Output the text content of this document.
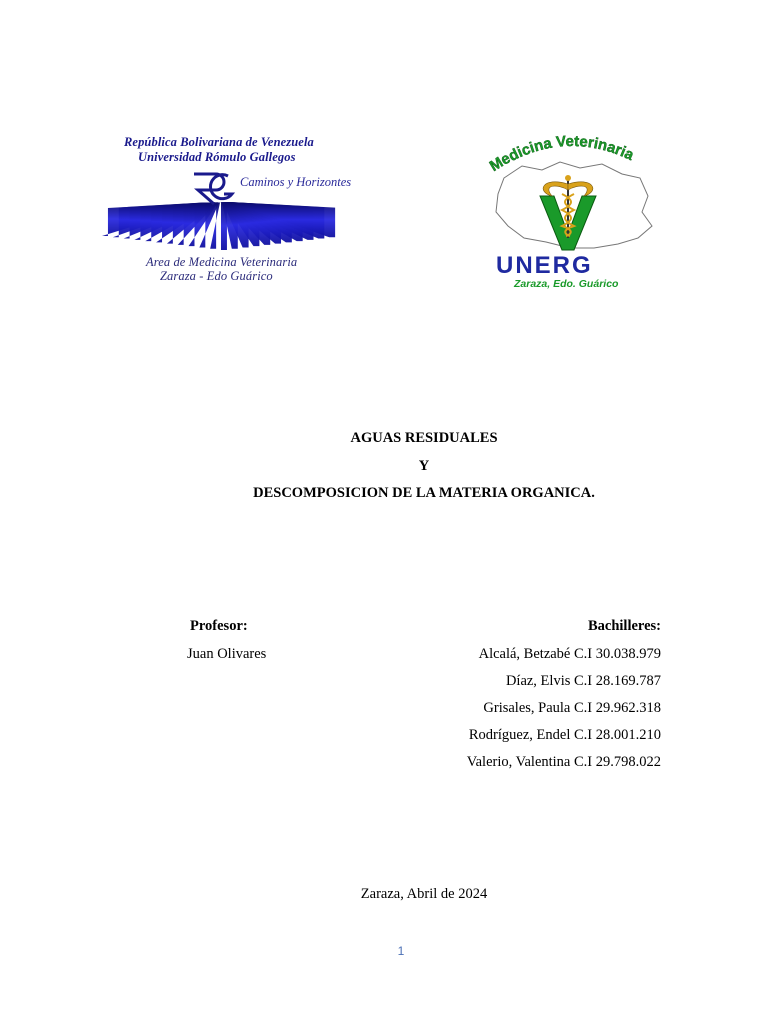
República Bolivariana de Venezuela
Universidad Rómulo Gallegos
Caminos y Horizontes
Area de Medicina Veterinaria
Zaraza - Edo Guárico
Medicina Veterinaria
UNERG
Zaraza, Edo. Guárico
AGUAS RESIDUALES
Y
DESCOMPOSICION DE LA MATERIA ORGANICA.
Profesor:
Juan Olivares
Bachilleres:
Alcalá, Betzabé C.I 30.038.979
Díaz, Elvis C.I 28.169.787
Grisales, Paula C.I 29.962.318
Rodríguez, Endel C.I 28.001.210
Valerio, Valentina C.I 29.798.022
Zaraza, Abril de 2024
1
